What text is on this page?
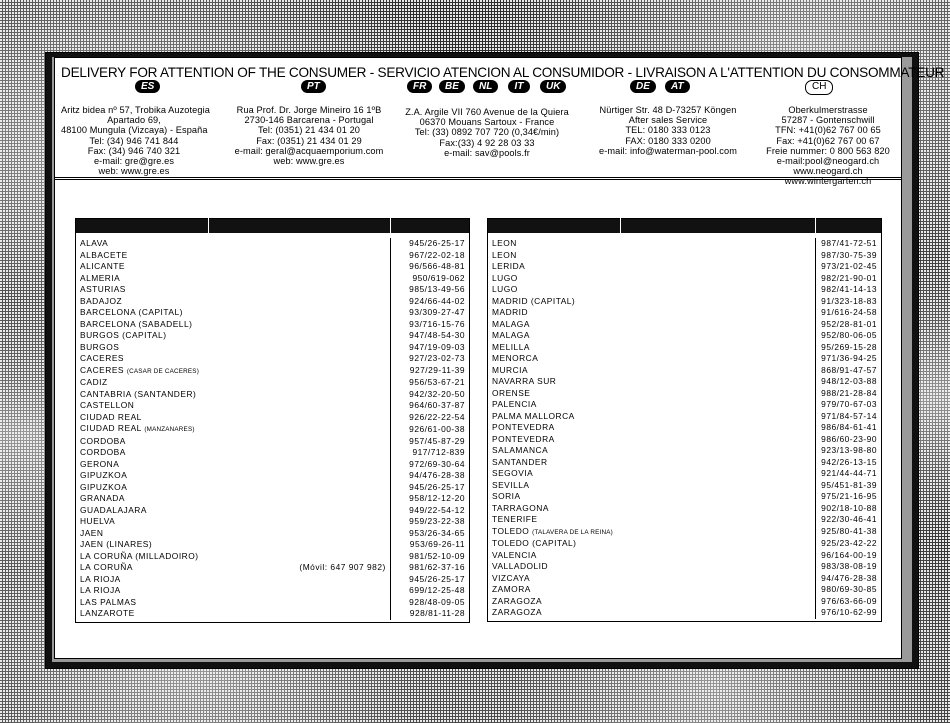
DELIVERY FOR ATTENTION OF THE CONSUMER - SERVICIO ATENCION AL CONSUMIDOR - LIVRAISON A L'ATTENTION DU CONSOMMATEUR
ES	PT	FR	BE	NL	IT	UK	DE	AT	CH
Aritz bidea nº 57, Trobika Auzotegia
Apartado 69,
48100 Mungula (Vizcaya) - España
Tel: (34) 946 741 844
Fax: (34) 946 740 321
e-mail: gre@gre.es
web: www.gre.es
Rua Prof. Dr. Jorge Mineiro 16 1ºB
2730-146 Barcarena - Portugal
Tel: (0351) 21 434 01 20
Fax: (0351) 21 434 01 29
e-mail: geral@acquaemporium.com
web: www.gre.es
Z.A. Argile VII 760 Avenue de la Quiera
06370 Mouans Sartoux - France
Tel: (33) 0892 707 720 (0,34€/min)
Fax:(33) 4 92 28 03 33
e-mail: sav@pools.fr
Nürtiger Str. 48 D-73257 Köngen
After sales Service
TEL: 0180 333 0123
FAX: 0180 333 0200
e-mail: info@waterman-pool.com
Oberkulmerstrasse
57287 - Gontenschwill
TFN: +41(0)62 767 00 65
Fax: +41(0)62 767 00 67
Freie nummer: 0 800 563 820
e-mail:pool@neogard.ch
www.neogard.ch
www.wintergarten.ch

ALAVA		945/26-25-17
ALBACETE		967/22-02-18
ALICANTE		96/566-48-81
ALMERIA		950/619-062
ASTURIAS		985/13-49-56
BADAJOZ		924/66-44-02
BARCELONA (CAPITAL)		93/309-27-47
BARCELONA (SABADELL)		93/716-15-76
BURGOS (CAPITAL)		947/48-54-30
BURGOS		947/19-09-03
CACERES		927/23-02-73
CACERES (CASAR DE CACERES)		927/29-11-39
CADIZ		956/53-67-21
CANTABRIA (SANTANDER)		942/32-20-50
CASTELLON		964/60-37-87
CIUDAD REAL		926/22-22-54
CIUDAD REAL (MANZANARES)		926/61-00-38
CORDOBA		957/45-87-29
CORDOBA		917/712-839
GERONA		972/69-30-64
GIPUZKOA		94/476-28-38
GIPUZKOA		945/26-25-17
GRANADA		958/12-12-20
GUADALAJARA		949/22-54-12
HUELVA		959/23-22-38
JAEN		953/26-34-65
JAEN (LINARES)		953/69-26-11
LA CORUÑA (MILLADOIRO)		981/52-10-09
LA CORUÑA	(Móvil: 647 907 982)	981/62-37-16
LA RIOJA		945/26-25-17
LA RIOJA		699/12-25-48
LAS PALMAS		928/48-09-05
LANZAROTE		928/81-11-28

LEON		987/41-72-51
LEON		987/30-75-39
LERIDA		973/21-02-45
LUGO		982/21-90-01
LUGO		982/41-14-13
MADRID (CAPITAL)		91/323-18-83
MADRID		91/616-24-58
MALAGA		952/28-81-01
MALAGA		952/80-06-05
MELILLA		95/269-15-28
MENORCA		971/36-94-25
MURCIA		868/91-47-57
NAVARRA SUR		948/12-03-88
ORENSE		988/21-28-84
PALENCIA		979/70-67-03
PALMA MALLORCA		971/84-57-14
PONTEVEDRA		986/84-61-41
PONTEVEDRA		986/60-23-90
SALAMANCA		923/13-98-80
SANTANDER		942/26-13-15
SEGOVIA		921/44-44-71
SEVILLA		95/451-81-39
SORIA		975/21-16-95
TARRAGONA		902/18-10-88
TENERIFE		922/30-46-41
TOLEDO (TALAVERA DE LA REINA)		925/80-41-38
TOLEDO (CAPITAL)		925/23-42-22
VALENCIA		96/164-00-19
VALLADOLID		983/38-08-19
VIZCAYA		94/476-28-38
ZAMORA		980/69-30-85
ZARAGOZA		976/63-66-09
ZARAGOZA		976/10-62-99
